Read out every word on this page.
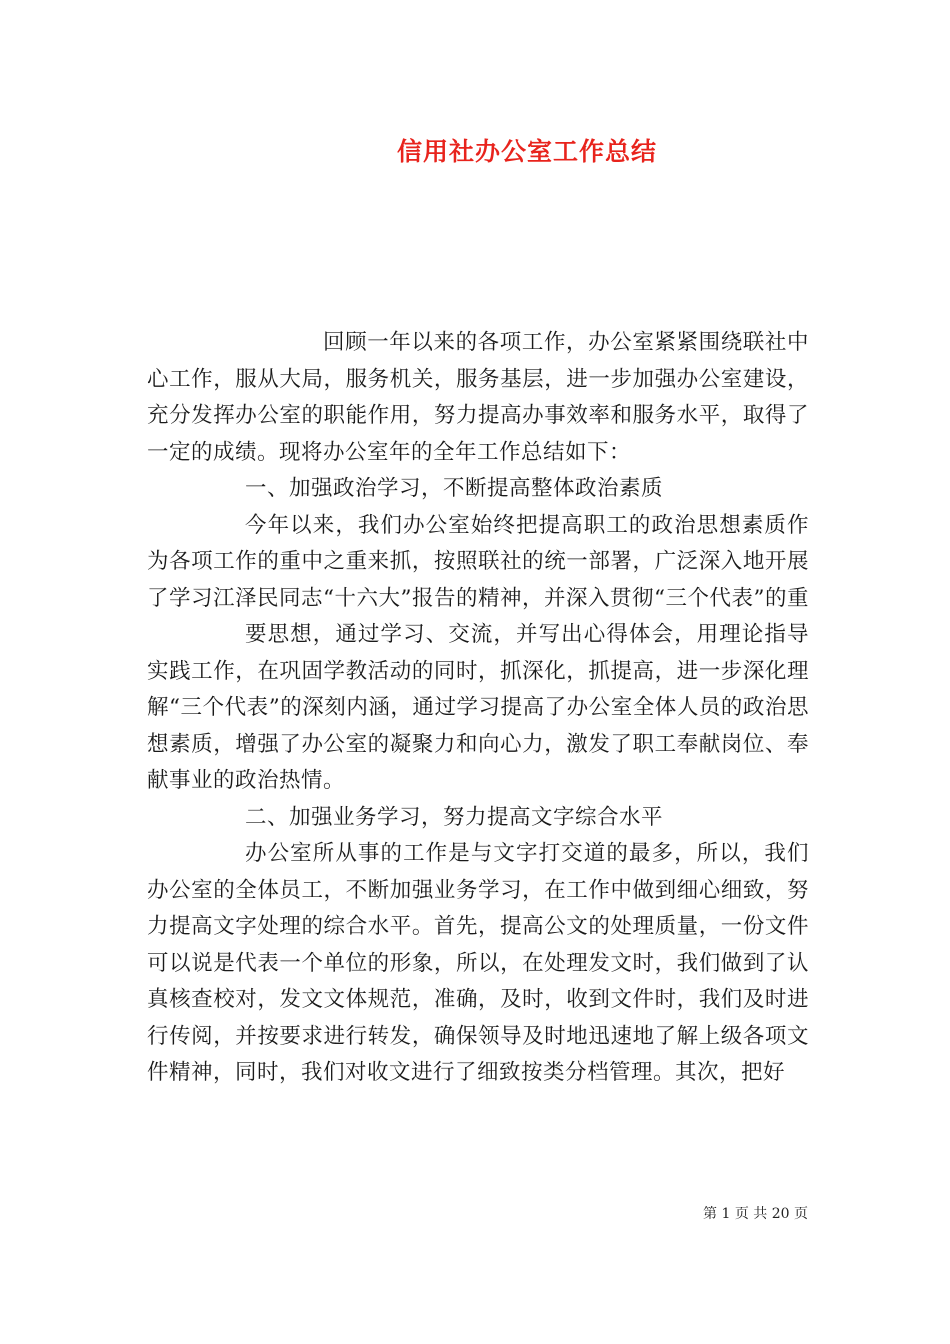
信用社办公室工作总结

回顾一年以来的各项工作，办公室紧紧围绕联社中心工作，服从大局，服务机关，服务基层，进一步加强办公室建设，充分发挥办公室的职能作用，努力提高办事效率和服务水平，取得了一定的成绩。现将办公室年的全年工作总结如下：

一、加强政治学习，不断提高整体政治素质

今年以来，我们办公室始终把提高职工的政治思想素质作为各项工作的重中之重来抓，按照联社的统一部署，广泛深入地开展了学习江泽民同志“十六大”报告的精神，并深入贯彻“三个代表”的重

要思想，通过学习、交流，并写出心得体会，用理论指导实践工作，在巩固学教活动的同时，抓深化，抓提高，进一步深化理解“三个代表”的深刻内涵，通过学习提高了办公室全体人员的政治思想素质，增强了办公室的凝聚力和向心力，激发了职工奉献岗位、奉献事业的政治热情。

二、加强业务学习，努力提高文字综合水平

办公室所从事的工作是与文字打交道的最多，所以，我们办公室的全体员工，不断加强业务学习，在工作中做到细心细致，努力提高文字处理的综合水平。首先，提高公文的处理质量，一份文件可以说是代表一个单位的形象，所以，在处理发文时，我们做到了认真核查校对，发文文体规范，准确，及时，收到文件时，我们及时进行传阅，并按要求进行转发，确保领导及时地迅速地了解上级各项文件精神，同时，我们对收文进行了细致按类分档管理。其次，把好

第 1 页 共 20 页
